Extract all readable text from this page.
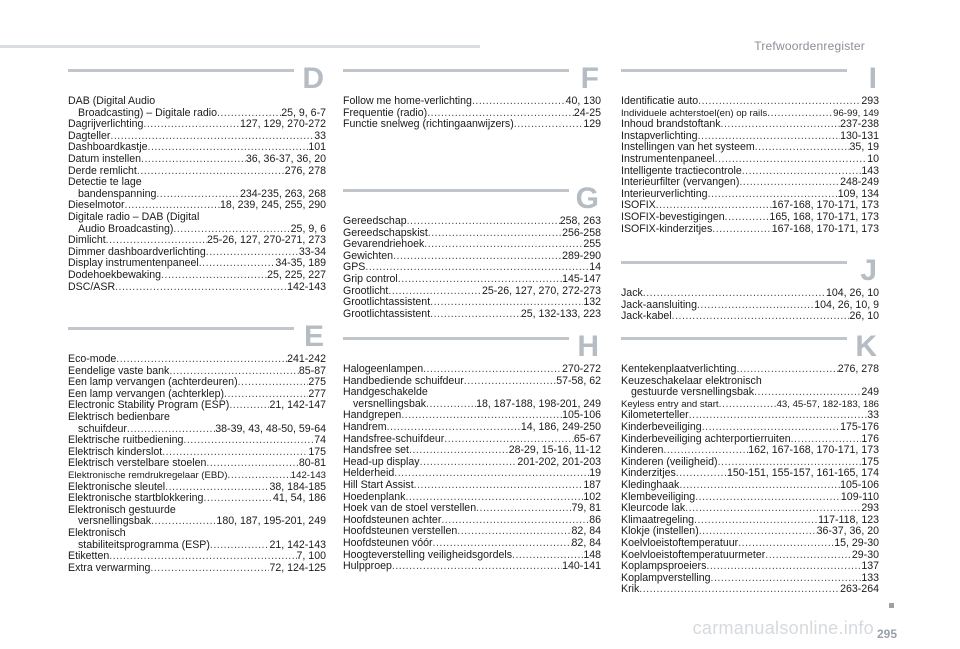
Trefwoordenregister
D
DAB (Digital Audio
Broadcasting) – Digitale radio .....	25, 9, 6-7
Dagrijverlichting .....	127, 129, 270-272
Dagteller .....	33
Dashboardkastje .....	101
Datum instellen .....	36, 36-37, 36, 20
Derde remlicht .....	276, 278
Detectie te lage
bandenspanning .....	234-235, 263, 268
Dieselmotor .....	18, 239, 245, 255, 290
Digitale radio – DAB (Digital
Audio Broadcasting) .....	25, 9, 6
Dimlicht .....	25-26, 127, 270-271, 273
Dimmer dashboardverlichting .....	33-34
Display instrumentenpaneel .....	34-35, 189
Dodehoekbewaking .....	25, 225, 227
DSC/ASR .....	142-143
E
Eco-mode .....	241-242
Eendelige vaste bank .....	85-87
Een lamp vervangen (achterdeuren) .....	275
Een lamp vervangen (achterklep) .....	277
Electronic Stability Program (ESP) .....	21, 142-147
Elektrisch bedienbare
schuifdeur .....	38-39, 43, 48-50, 59-64
Elektrische ruitbediening .....	74
Elektrisch kinderslot .....	175
Elektrisch verstelbare stoelen .....	80-81
Elektronische remdrukregelaar (EBD) .....	142-143
Elektronische sleutel .....	38, 184-185
Elektronische startblokkering .....	41, 54, 186
Elektronisch gestuurde
versnellingsbak .....	180, 187, 195-201, 249
Elektronisch
stabiliteitsprogramma (ESP) .....	21, 142-143
Etiketten .....	7, 100
Extra verwarming .....	72, 124-125
F
Follow me home-verlichting .....	40, 130
Frequentie (radio) .....	24-25
Functie snelweg (richtingaanwijzers) .....	129
G
Gereedschap .....	258, 263
Gereedschapskist .....	256-258
Gevarendriehoek .....	255
Gewichten .....	289-290
GPS .....	14
Grip control .....	145-147
Grootlicht .....	25-26, 127, 270, 272-273
Grootlichtassistent .....	132
Grootlichtassistent .....	25, 132-133, 223
H
Halogeenlampen .....	270-272
Handbediende schuifdeur .....	57-58, 62
Handgeschakelde
versnellingsbak .....	18, 187-188, 198-201, 249
Handgrepen .....	105-106
Handrem .....	14, 186, 249-250
Handsfree-schuifdeur .....	65-67
Handsfree set .....	28-29, 15-16, 11-12
Head-up display .....	201-202, 201-203
Helderheid .....	19
Hill Start Assist .....	187
Hoedenplank .....	102
Hoek van de stoel verstellen .....	79, 81
Hoofdsteunen achter .....	86
Hoofdsteunen verstellen .....	82, 84
Hoofdsteunen vóór .....	82, 84
Hoogteverstelling veiligheidsgordels .....	148
Hulpproep .....	140-141
I
Identificatie auto .....	293
Individuele achterstoel(en) op rails .....	96-99, 149
Inhoud brandstoftank .....	237-238
Instapverlichting .....	130-131
Instellingen van het systeem .....	35, 19
Instrumentenpaneel .....	10
Intelligente tractiecontrole .....	143
Interieurfilter (vervangen) .....	248-249
Interieurverlichting .....	109, 134
ISOFIX .....	167-168, 170-171, 173
ISOFIX-bevestigingen .....	165, 168, 170-171, 173
ISOFIX-kinderzitjes .....	167-168, 170-171, 173
J
Jack .....	104, 26, 10
Jack-aansluiting .....	104, 26, 10, 9
Jack-kabel .....	26, 10
K
Kentekenplaatverlichting .....	276, 278
Keuzeschakelaar elektronisch
gestuurde versnellingsbak .....	249
Keyless entry and start .....	43, 45-57, 182-183, 186
Kilometerteller .....	33
Kinderbeveiliging .....	175-176
Kinderbeveiliging achterportierruiten .....	176
Kinderen .....	162, 167-168, 170-171, 173
Kinderen (veiligheid) .....	175
Kinderzitjes .....	150-151, 155-157, 161-165, 174
Kledinghaak .....	105-106
Klembeveiliging .....	109-110
Kleurcode lak .....	293
Klimaatregeling .....	117-118, 123
Klokje (instellen) .....	36-37, 36, 20
Koelvloeistoftemperatuur .....	15, 29-30
Koelvloeistoftemperatuurmeter .....	29-30
Koplampsproeiers .....	137
Koplampverstelling .....	133
Krik .....	263-264
carmanualsonline.info 295
